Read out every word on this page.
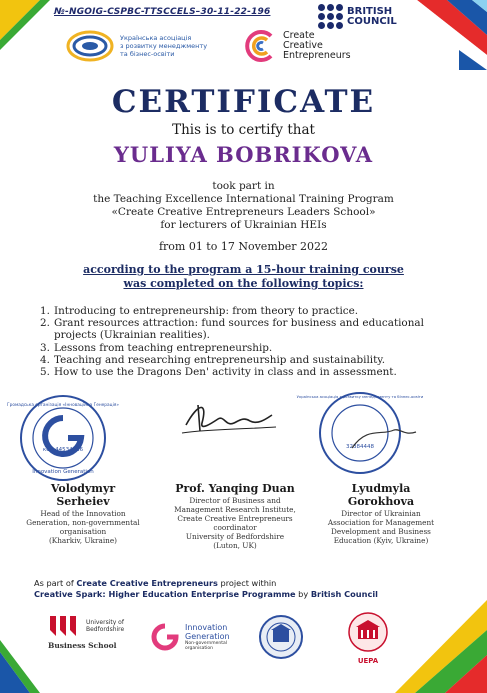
№-NGOIG-CSPBC-TTSCCELS–30-11-22-196	BRITISH
COUNCIL
Українська асоціація
з розвитку менеджменту
та бізнес-освіти
Create
Creative
Entrepreneurs
CERTIFICATE
This is to certify that
YULIYA BOBRIKOVA
took part in
the Teaching Excellence International Training Program
«Create Creative Entrepreneurs Leaders School»
for lecturers of Ukrainian HEIs
from 01 to 17 November 2022
according to the program a 15-hour training course
was completed on the following topics:
1. Introducing to entrepreneurship: from theory to practice.
2. Grant resources attraction: fund sources for business and educational projects (Ukrainian realities).
3. Lessons from teaching entrepreneurship.
4. Teaching and researching entrepreneurship and sustainability.
5. How to use the Dragons Den' activity in class and in assessment.
код 44534216
Innovation Generation
Громадська організація «Інноваційна Генерація»
Українська асоціація з розвитку менеджменту та бізнес-освіти
32384448
Volodymyr
Serheiev
Head of the Innovation
Generation, non-governmental
organisation
(Kharkiv, Ukraine)
Prof. Yanqing Duan
Director of Business and
Management Research Institute,
Create Creative Entrepreneurs
coordinator
University of Bedfordshire
(Luton, UK)
Lyudmyla
Gorokhova
Director of Ukrainian
Association for Management
Development and Business
Education (Kyiv, Ukraine)
As part of Create Creative Entrepreneurs project within
Creative Spark: Higher Education Enterprise Programme by British Council
University of
Bedfordshire
Business School
Innovation
Generation
Non-governmental
organisation
UEPA
